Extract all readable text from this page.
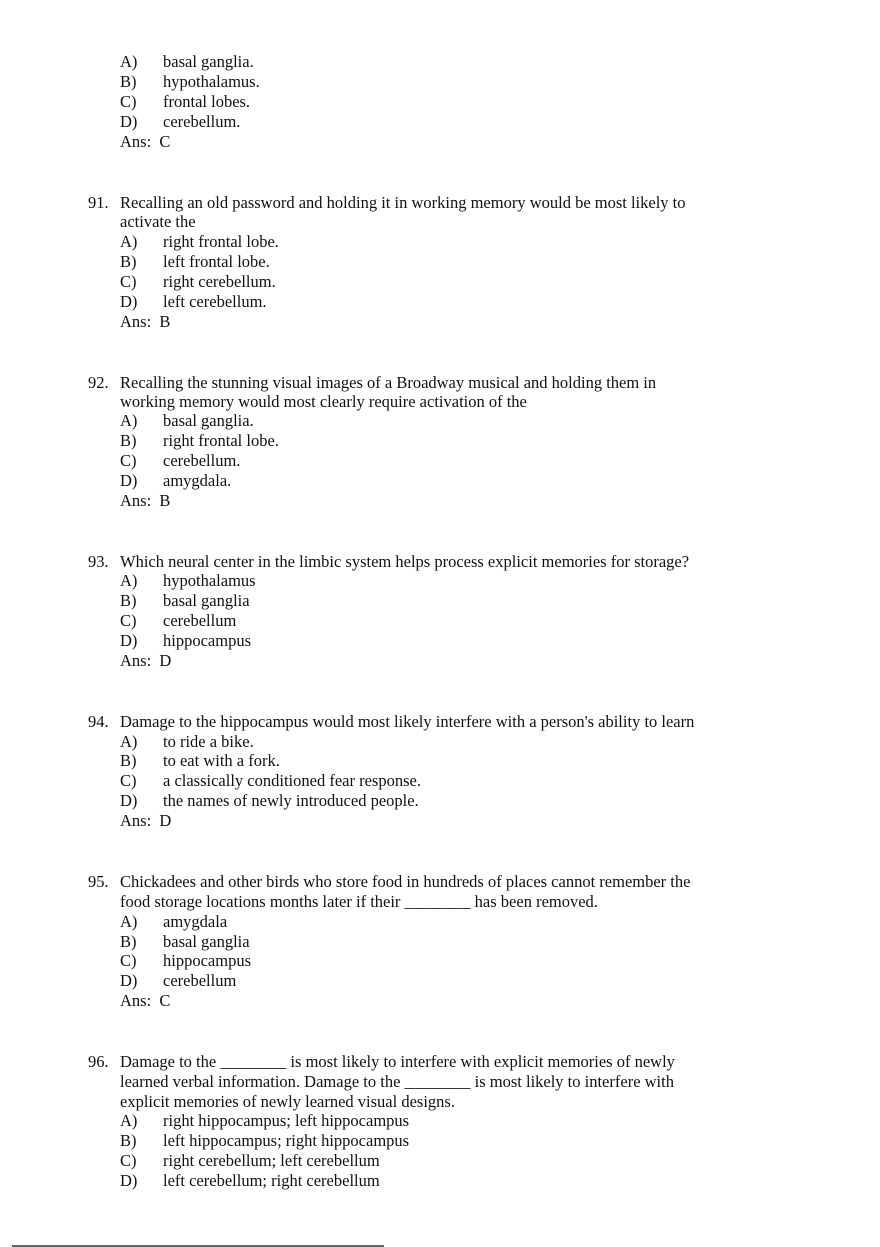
A) basal ganglia.
B) hypothalamus.
C) frontal lobes.
D) cerebellum.
Ans: C
91. Recalling an old password and holding it in working memory would be most likely to
activate the
A) right frontal lobe.
B) left frontal lobe.
C) right cerebellum.
D) left cerebellum.
Ans: B
92. Recalling the stunning visual images of a Broadway musical and holding them in
working memory would most clearly require activation of the
A) basal ganglia.
B) right frontal lobe.
C) cerebellum.
D) amygdala.
Ans: B
93. Which neural center in the limbic system helps process explicit memories for storage?
A) hypothalamus
B) basal ganglia
C) cerebellum
D) hippocampus
Ans: D
94. Damage to the hippocampus would most likely interfere with a person's ability to learn
A) to ride a bike.
B) to eat with a fork.
C) a classically conditioned fear response.
D) the names of newly introduced people.
Ans: D
95. Chickadees and other birds who store food in hundreds of places cannot remember the
food storage locations months later if their ________ has been removed.
A) amygdala
B) basal ganglia
C) hippocampus
D) cerebellum
Ans: C
96. Damage to the ________ is most likely to interfere with explicit memories of newly
learned verbal information. Damage to the ________ is most likely to interfere with
explicit memories of newly learned visual designs.
A) right hippocampus; left hippocampus
B) left hippocampus; right hippocampus
C) right cerebellum; left cerebellum
D) left cerebellum; right cerebellum
